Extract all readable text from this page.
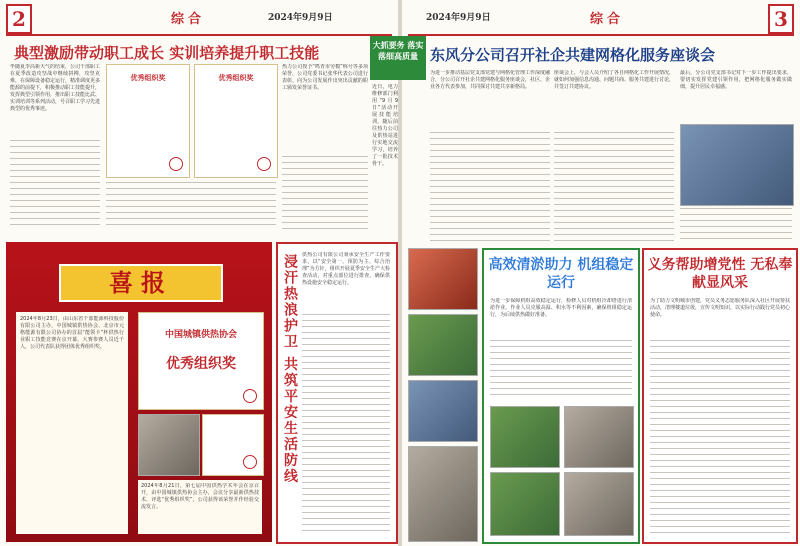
2	综合	2024年9月9日
典型激励带动职工成长 实训培养提升职工技能
毕随夏李高新天气的结束，公司干部职工在夏季改造攻坚战中继续拼搏，攻坚克难，在保障设备稳定运行，精准调度更多能源的前提下，积极推动职工技能提升，发挥典型引领作用，推出职工技能比武、实训培训等系列活动，号召职工学习先进典型的优秀事迹。
优秀组织奖	优秀组织奖
热力公司授予“鸣青市劳模”称号等多项荣誉，公司党委书记张华代表公司进行表彰，向为公司发展作出突出贡献的职工颁发荣誉证书。	近日，电力维修部门利用“9月9日”活动开展技能培训，随后前往热力公司及供热站进行实地交流学习，培养了一批技术骨干。
喜报
2024年8月23日，由山东省干部能源科技股份有限公司主办，中国城镇供热协会、北京市元格能源有限公司协办的首届“能领卡”杯供热行业职工技能竞赛在京开幕。大赛参赛人员近千人，公司代表队获得团体优秀组织奖。
中国城镇供热协会
优秀组织奖
2024年8月21日，第七届中国供热学术年会在京召开，由中国城镇供热协会主办，会议分享最新供热技术，评选“优秀组织奖”，公司获得该荣誉并作经验交流发言。
浸汗热浪护卫 共筑平安生活防线 供热公司有限公司秉承安全生产工作要求，以“安全第一、预防为主、综合治理”为方针，组织开展夏季安全生产大检查活动，对重点部位进行排查，确保供热设施安全稳定运行。
大抓要务 落实落细高质量
2024年9月9日	综合	3
东风分公司召开社企共建网格化服务座谈会
为进一步推动基层党支部党建与网格化管理工作深度融合，分公司召开社企共建网格化服务座谈会，社区、企业各方代表参加，共同探讨共建共享新格局。
座谈会上，与会人员介绍了各自网格化工作开展情况，就如何加强信息沟通、问题共商、服务共建进行讨论，并签订共建协议。
最后，分公司党支部书记对下一步工作提出要求，要切实发挥党建引领作用，把网格化服务做实做细，提升居民幸福感。
高效清淤助力 机组稳定运行
为进一步保障机组高效稳定运行，检修人员对机组冷却塔进行清淤作业。作业人员克服高温、积水等不利因素，确保机组稳定运行，为后续供热做好准备。
义务帮助增党性 无私奉献显风采
为了助力文明城市创建，党员义务志愿服务队深入社区开展帮扶活动，清理楼道垃圾，宣传文明知识，以实际行动践行党员初心使命。
